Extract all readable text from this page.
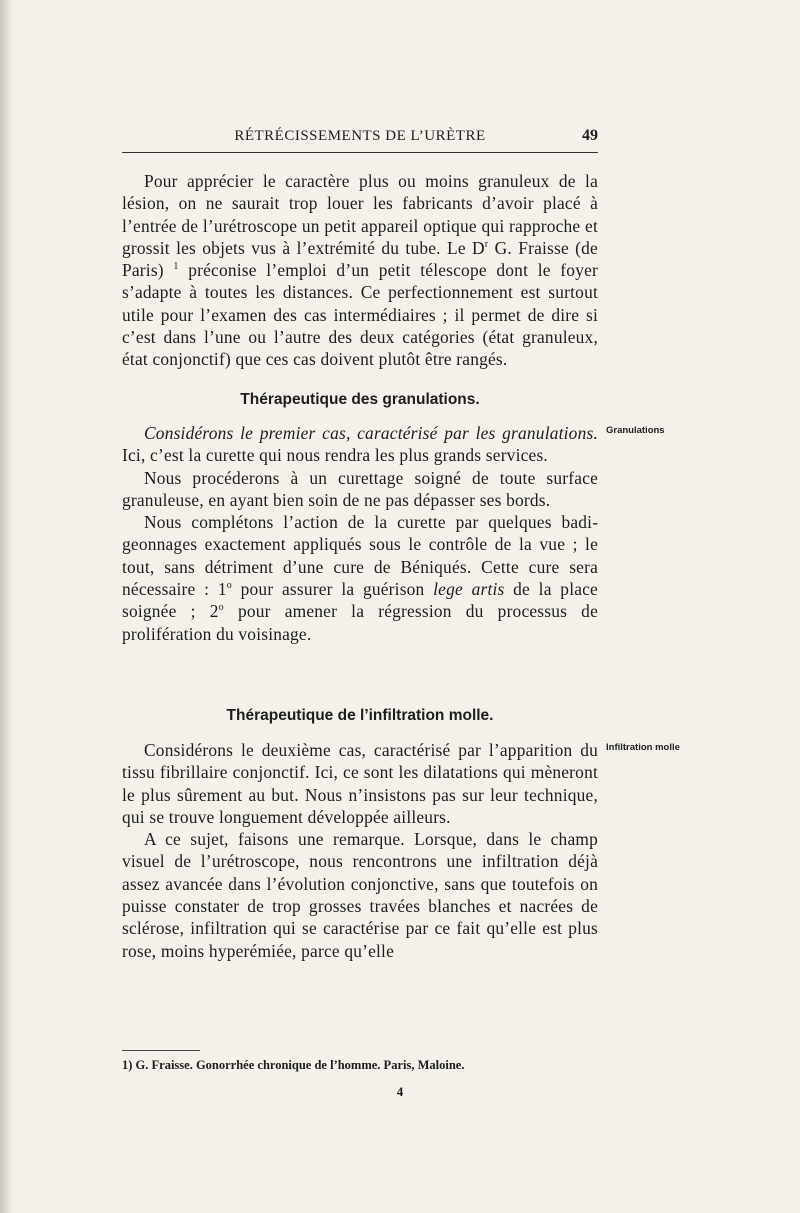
RÉTRÉCISSEMENTS DE L’URÈTRE	49

Pour apprécier le caractère plus ou moins granuleux de la lésion, on ne saurait trop louer les fabricants d’avoir placé à l’entrée de l’urétroscope un petit appareil optique qui rapproche et grossit les objets vus à l’extrémité du tube. Le $D^r$ G. Fraisse (de Paris) $^1$ préconise l’emploi d’un petit télescope dont le foyer s’adapte à toutes les distances. Ce perfectionnement est surtout utile pour l’examen des cas intermédiaires ; il permet de dire si c’est dans l’une ou l’autre des deux catégories (état granuleux, état conjonctif) que ces cas doivent plutôt être rangés.

Thérapeutique des granulations.
Granulations

Considérons le premier cas, caractérisé par les granulations. Ici, c’est la curette qui nous rendra les plus grands services.

Nous procéderons à un curettage soigné de toute surface granuleuse, en ayant bien soin de ne pas dépasser ses bords.

Nous complétons l’action de la curette par quelques badigeonnages exactement appliqués sous le contrôle de la vue ; le tout, sans détriment d’une cure de Béniqués. Cette cure sera nécessaire : 1$^o$ pour assurer la guérison lege artis de la place soignée ; 2$^o$ pour amener la régression du processus de prolifération du voisinage.

Thérapeutique de l’infiltration molle.
Infiltration molle

Considérons le deuxième cas, caractérisé par l’apparition du tissu fibrillaire conjonctif. Ici, ce sont les dilatations qui mèneront le plus sûrement au but. Nous n’insistons pas sur leur technique, qui se trouve longuement développée ailleurs.

A ce sujet, faisons une remarque. Lorsque, dans le champ visuel de l’urétroscope, nous rencontrons une infiltration déjà assez avancée dans l’évolution conjonctive, sans que toutefois on puisse constater de trop grosses travées blanches et nacrées de sclérose, infiltration qui se caractérise par ce fait qu’elle est plus rose, moins hyperémiée, parce qu’elle

1) G. Fraisse. Gonorrhée chronique de l’homme. Paris, Maloine.
4
